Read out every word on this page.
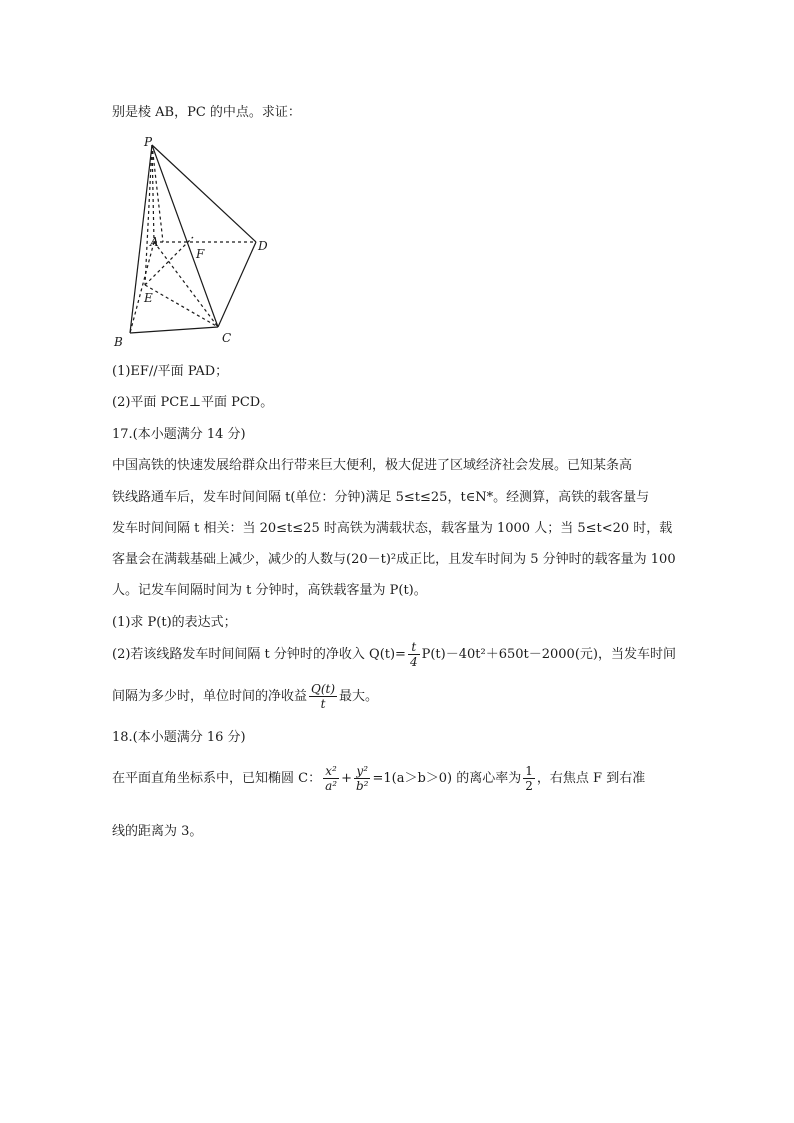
别是棱 AB，PC 的中点。求证：
P
A
F
D
E
B	C
(1)EF//平面 PAD；
(2)平面 PCE⊥平面 PCD。
17.(本小题满分 14 分)
中国高铁的快速发展给群众出行带来巨大便利，极大促进了区域经济社会发展。已知某条高
铁线路通车后，发车时间间隔 t(单位：分钟)满足 5≤t≤25，t∈N*。经测算，高铁的载客量与
发车时间间隔 t 相关：当 20≤t≤25 时高铁为满载状态，载客量为 1000 人；当 5≤t<20 时，载
客量会在满载基础上减少，减少的人数与(20－t)²成正比，且发车时间为 5 分钟时的载客量为 100
人。记发车间隔时间为 t 分钟时，高铁载客量为 P(t)。
(1)求 P(t)的表达式；
(2)若该线路发车时间间隔 t 分钟时的净收入 $Q(t)= \frac{t}{4} P(t)-40t^2+650t-2000$(元)，当发车时间
间隔为多少时，单位时间的净收益 $\frac{Q(t)}{t}$ 最大。
18.(本小题满分 16 分)
在平面直角坐标系中，已知椭圆 C： $\frac{\text{x²}}{\text{a²}} + \frac{\text{y²}}{\text{b²}} =1(a>b>0)$ 的离心率为 $\frac{1}{2}$ ，右焦点 F 到右准
线的距离为 3。
